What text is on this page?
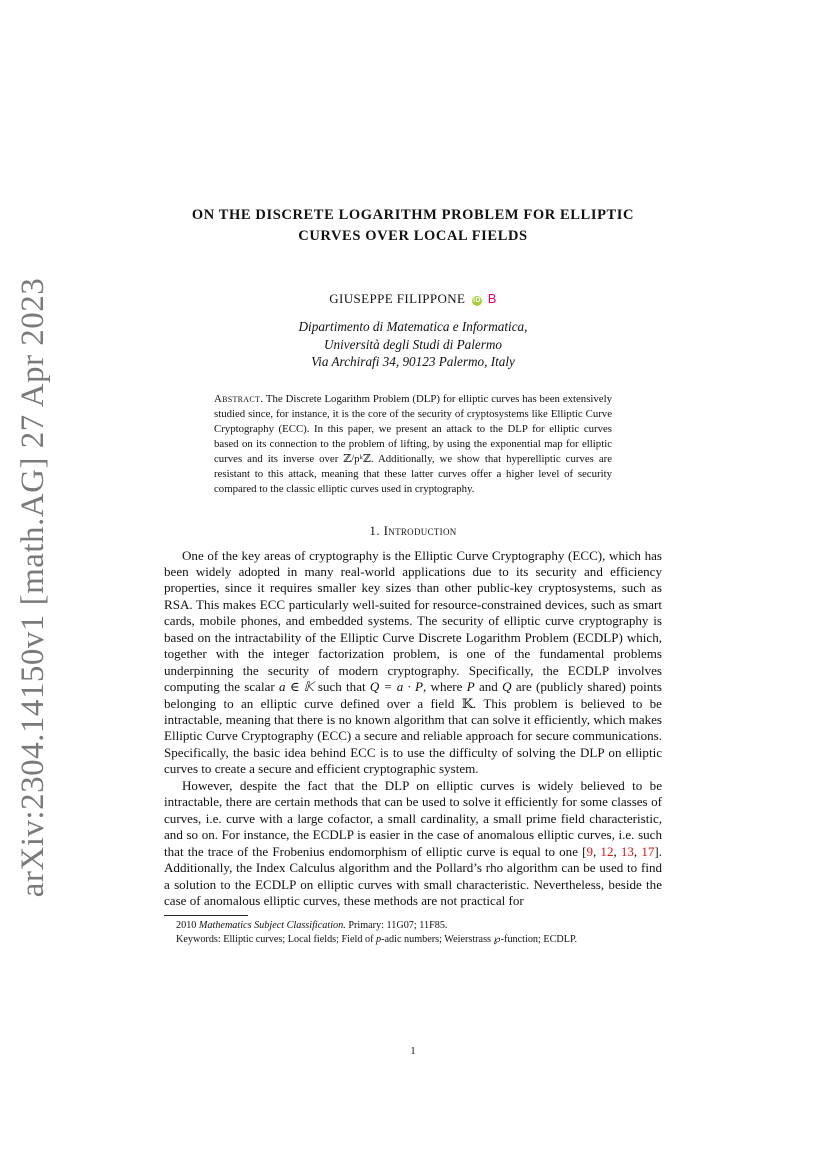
arXiv:2304.14150v1 [math.AG] 27 Apr 2023
ON THE DISCRETE LOGARITHM PROBLEM FOR ELLIPTIC
CURVES OVER LOCAL FIELDS
GIUSEPPE FILIPPONE iD B
Dipartimento di Matematica e Informatica,
Università degli Studi di Palermo
Via Archirafi 34, 90123 Palermo, Italy
Abstract. The Discrete Logarithm Problem (DLP) for elliptic curves has been extensively studied since, for instance, it is the core of the security of cryptosystems like Elliptic Curve Cryptography (ECC). In this paper, we present an attack to the DLP for elliptic curves based on its connection to the problem of lifting, by using the exponential map for elliptic curves and its inverse over ℤ/pᵏℤ. Additionally, we show that hyperelliptic curves are resistant to this attack, meaning that these latter curves offer a higher level of security compared to the classic elliptic curves used in cryptography.
1. Introduction

One of the key areas of cryptography is the Elliptic Curve Cryptography (ECC), which has been widely adopted in many real-world applications due to its security and efficiency properties, since it requires smaller key sizes than other public-key cryptosystems, such as RSA. This makes ECC particularly well-suited for resource-constrained devices, such as smart cards, mobile phones, and embedded systems. The security of elliptic curve cryptography is based on the intractability of the Elliptic Curve Discrete Logarithm Problem (ECDLP) which, together with the integer factorization problem, is one of the fundamental problems underpinning the security of modern cryptography. Specifically, the ECDLP involves computing the scalar a ∈ 𝕂 such that Q = a · P, where P and Q are (publicly shared) points belonging to an elliptic curve defined over a field 𝕂. This problem is believed to be intractable, meaning that there is no known algorithm that can solve it efficiently, which makes Elliptic Curve Cryptography (ECC) a secure and reliable approach for secure communications. Specifically, the basic idea behind ECC is to use the difficulty of solving the DLP on elliptic curves to create a secure and efficient cryptographic system.

However, despite the fact that the DLP on elliptic curves is widely believed to be intractable, there are certain methods that can be used to solve it efficiently for some classes of curves, i.e. curve with a large cofactor, a small cardinality, a small prime field characteristic, and so on. For instance, the ECDLP is easier in the case of anomalous elliptic curves, i.e. such that the trace of the Frobenius endomorphism of elliptic curve is equal to one [9, 12, 13, 17]. Additionally, the Index Calculus algorithm and the Pollard’s rho algorithm can be used to find a solution to the ECDLP on elliptic curves with small characteristic. Nevertheless, beside the case of anomalous elliptic curves, these methods are not practical for

2010 Mathematics Subject Classification. Primary: 11G07; 11F85.

Keywords: Elliptic curves; Local fields; Field of p-adic numbers; Weierstrass ℘-function; ECDLP.

1
